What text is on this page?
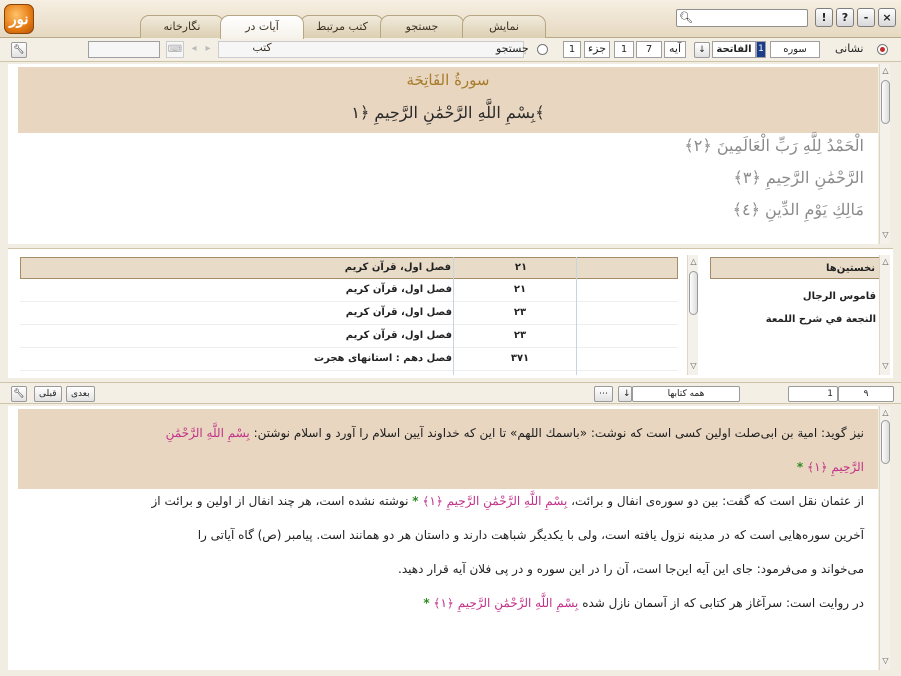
نور	نگارخانه	آیات در کتب
کتب مرتبط	جستجو	نمایش
🔍︎	!	?	-	×
🔧︎	⌨ ◂ ▸	جستجو	1	جزء	1	7	آیه	↓	الفاتحة 1	سوره	نشانی
سورةُ الفَاتِحَة
بِسْمِ اللَّهِ الرَّحْمَٰنِ الرَّحِيمِ ﴿١﴾
الْحَمْدُ لِلَّهِ رَبِّ الْعَالَمِينَ ﴿٢﴾
الرَّحْمَٰنِ الرَّحِيمِ ﴿٣﴾
مَالِكِ يَوْمِ الدِّينِ ﴿٤﴾
△
▽
فصل اول، قرآن کريم	۲۱
فصل اول، قرآن کريم	۲۱
فصل اول، قرآن کريم	۲۳
فصل اول، قرآن کريم	۲۳
فصل دهم : استانهای هجرت	۳۷۱
△
▽
نخستین‌ها
قاموس الرجال
النجعة في شرح اللمعة
△
▽
🔧︎	قبلی	بعدی	⋯	↓	همه کتابها	1	۹
نیز گوید: امیة بن ابی‌صلت اولین کسی است که نوشت: «باسمك اللهم» تا این که خداوند آیین اسلام را آورد و اسلام نوشتن: بِسْمِ اللَّهِ الرَّحْمَٰنِ
الرَّحِيمِ ﴿١﴾ *
از عثمان نقل است که گفت: بین دو سوره‌ی انفال و برائت، بِسْمِ اللَّهِ الرَّحْمَٰنِ الرَّحِيمِ ﴿١﴾ * نوشته نشده است، هر چند انفال از اولین و برائت از
آخرین سوره‌هایی است که در مدینه نزول یافته است، ولی با یکدیگر شباهت دارند و داستان هر دو همانند است. پیامبر (ص) گاه آیاتی را
می‌خواند و می‌فرمود: جای این آیه این‌جا است، آن را در این سوره و در پی فلان آیه قرار دهید.
در روایت است: سرآغاز هر کتابی که از آسمان نازل شده بِسْمِ اللَّهِ الرَّحْمَٰنِ الرَّحِيمِ ﴿١﴾ *
△
▽
